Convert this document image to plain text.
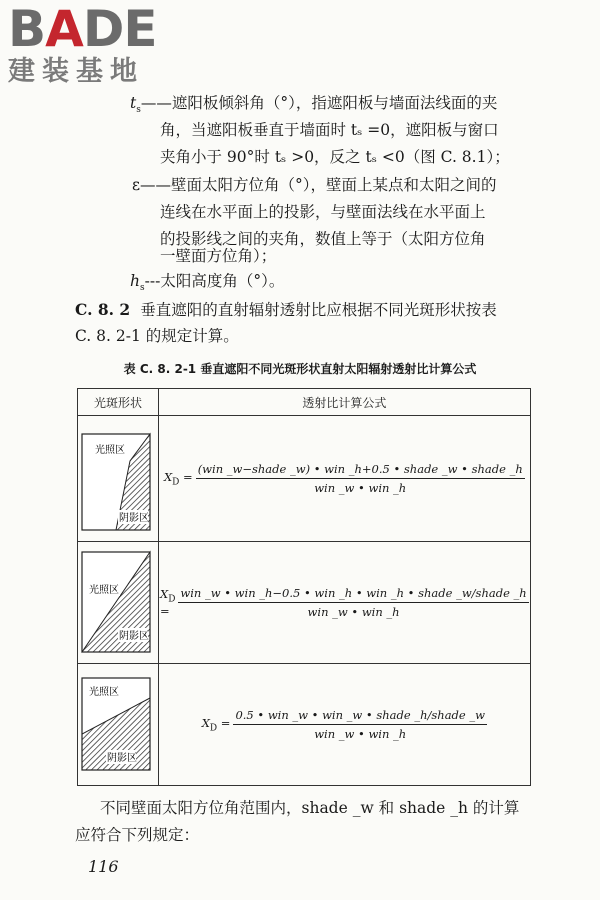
BADE
建装基地
$t_s——$遮阳板倾斜角（°），指遮阳板与墙面法线面的夹
角，当遮阳板垂直于墙面时 tₛ =0，遮阳板与窗口
夹角小于 90°时 tₛ >0，反之 tₛ <0（图 C. 8.1）；
ε——壁面太阳方位角（°），壁面上某点和太阳之间的
连线在水平面上的投影，与壁面法线在水平面上
的投影线之间的夹角，数值上等于（太阳方位角
一壁面方位角）；
$h_s---$太阳高度角（°）。
C. 8. 2 垂直遮阳的直射辐射透射比应根据不同光斑形状按表
C. 8. 2-1 的规定计算。
表 C. 8. 2-1 垂直遮阳不同光斑形状直射太阳辐射透射比计算公式
光斑形状	透射比计算公式

光照区
阴影区	$X_D = \frac{\text{(win \_w−shade \_w) • win \_h+0.5 • shade \_w • shade \_h}}{\text{win \_w • win \_h}}$

光照区
阴影区	$X_D = \frac{\text{win \_w • win \_h−0.5 • win \_h • win \_h • shade \_w/shade \_h}}{\text{win \_w • win \_h}}$

光照区
阴影区	$X_D = \frac{\text{0.5 • win \_w • win \_w • shade \_h/shade \_w}}{\text{win \_w • win \_h}}$
不同壁面太阳方位角范围内，shade _w 和 shade _h 的计算
应符合下列规定：
116
